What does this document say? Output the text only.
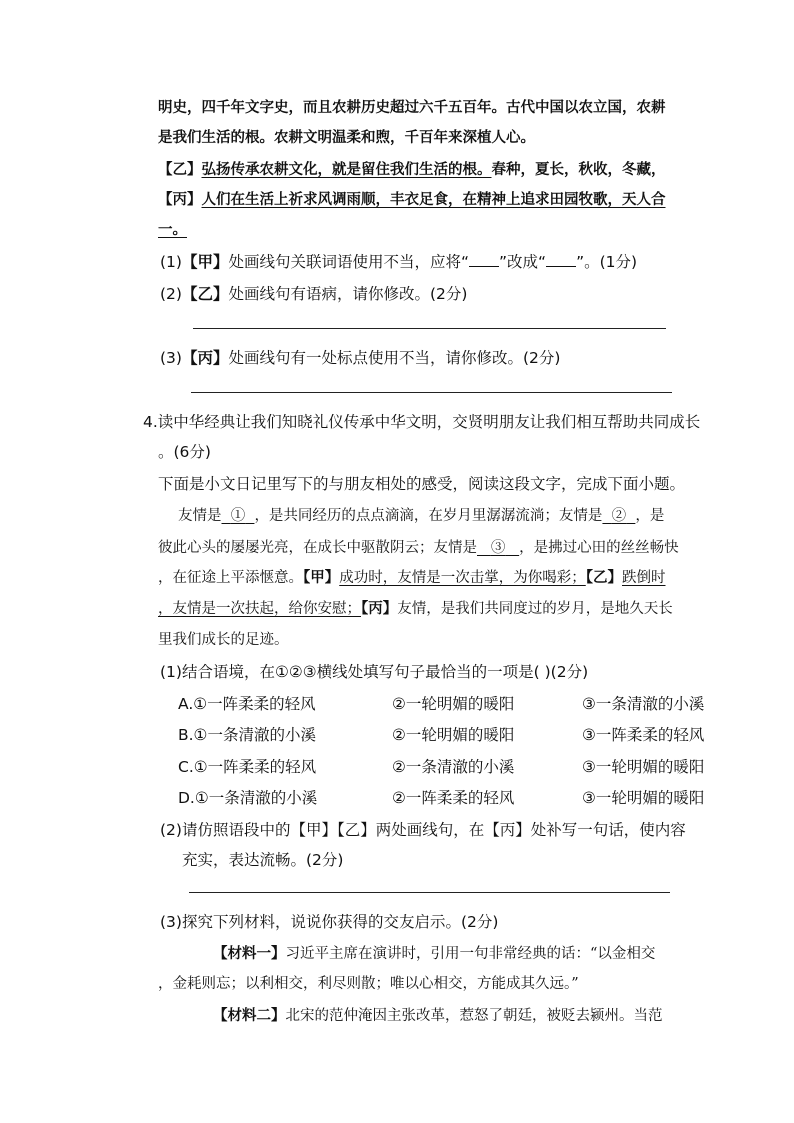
明史，四千年文字史，而且农耕历史超过六千五百年。古代中国以农立国，农耕
是我们生活的根。农耕文明温柔和煦，千百年来深植人心。
【乙】弘扬传承农耕文化，就是留住我们生活的根。春种，夏长，秋收，冬藏，
【丙】人们在生活上祈求风调雨顺，丰衣足食，在精神上追求田园牧歌，天人合
一。
(1)【甲】处画线句关联词语使用不当，应将“ ”改成“ ”。(1分)
(2)【乙】处画线句有语病，请你修改。(2分)
(3)【丙】处画线句有一处标点使用不当，请你修改。(2分)
4.读中华经典让我们知晓礼仪传承中华文明，交贤明朋友让我们相互帮助共同成长
。(6分)
下面是小文日记里写下的与朋友相处的感受，阅读这段文字，完成下面小题。
友情是 ① ，是共同经历的点点滴滴，在岁月里潺潺流淌；友情是 ② ，是
彼此心头的屡屡光亮，在成长中驱散阴云；友情是 ③ ，是拂过心田的丝丝畅快
，在征途上平添惬意。【甲】成功时，友情是一次击掌，为你喝彩；【乙】跌倒时
，友情是一次扶起，给你安慰；【丙】友情，是我们共同度过的岁月，是地久天长
里我们成长的足迹。
(1)结合语境，在①②③横线处填写句子最恰当的一项是( )(2分)
A.①一阵柔柔的轻风	②一轮明媚的暖阳	③一条清澈的小溪
B.①一条清澈的小溪	②一轮明媚的暖阳	③一阵柔柔的轻风
C.①一阵柔柔的轻风	②一条清澈的小溪	③一轮明媚的暖阳
D.①一条清澈的小溪	②一阵柔柔的轻风	③一轮明媚的暖阳
(2)请仿照语段中的【甲】【乙】两处画线句，在【丙】处补写一句话，使内容
充实，表达流畅。(2分)
(3)探究下列材料，说说你获得的交友启示。(2分)
【材料一】习近平主席在演讲时，引用一句非常经典的话：“以金相交
，金耗则忘；以利相交，利尽则散；唯以心相交，方能成其久远。”
【材料二】北宋的范仲淹因主张改革，惹怒了朝廷，被贬去颍州。当范
